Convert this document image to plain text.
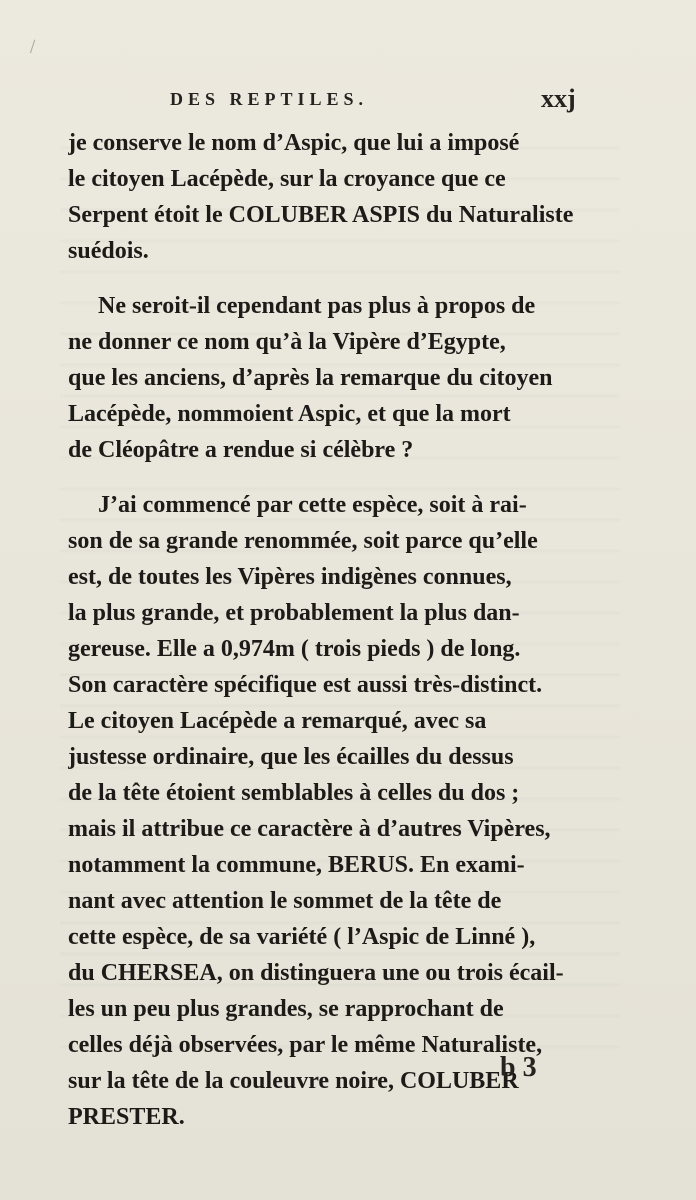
DES REPTILES.	xxj
je conserve le nom d’Aspic, que lui a imposé
le citoyen Lacépède, sur la croyance que ce
Serpent étoit le COLUBER ASPIS du Naturaliste
suédois.
Ne seroit-il cependant pas plus à propos de
ne donner ce nom qu’à la Vipère d’Egypte,
que les anciens, d’après la remarque du citoyen
Lacépède, nommoient Aspic, et que la mort
de Cléopâtre a rendue si célèbre ?
J’ai commencé par cette espèce, soit à rai-
son de sa grande renommée, soit parce qu’elle
est, de toutes les Vipères indigènes connues,
la plus grande, et probablement la plus dan-
gereuse. Elle a 0,974m ( trois pieds ) de long.
Son caractère spécifique est aussi très-distinct.
Le citoyen Lacépède a remarqué, avec sa
justesse ordinaire, que les écailles du dessus
de la tête étoient semblables à celles du dos ;
mais il attribue ce caractère à d’autres Vipères,
notamment la commune, BERUS. En exami-
nant avec attention le sommet de la tête de
cette espèce, de sa variété ( l’Aspic de Linné ),
du CHERSEA, on distinguera une ou trois écail-
les un peu plus grandes, se rapprochant de
celles déjà observées, par le même Naturaliste,
sur la tête de la couleuvre noire, COLUBER
PRESTER.
b 3
